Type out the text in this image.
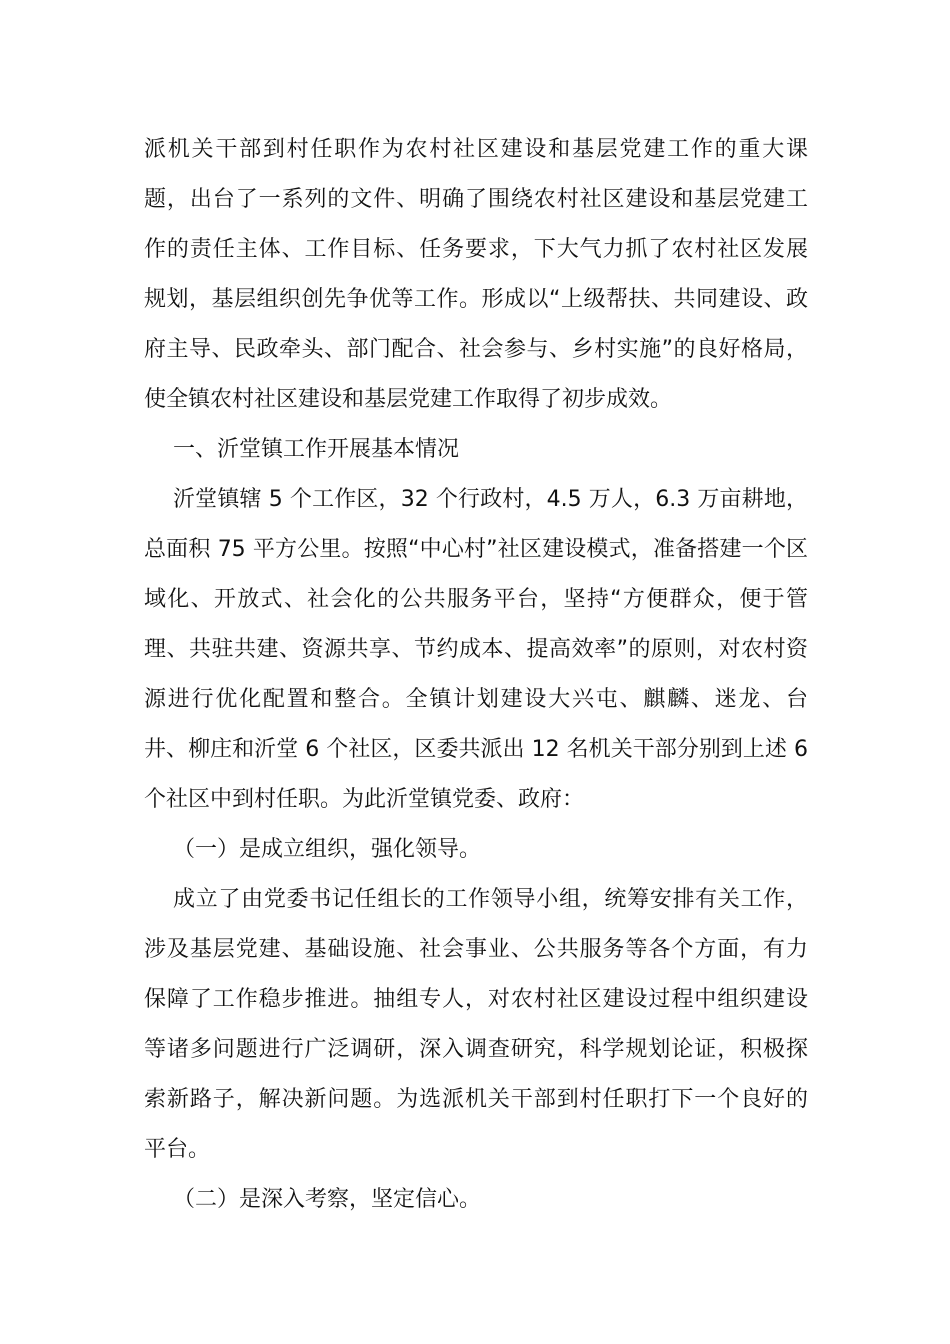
派机关干部到村任职作为农村社区建设和基层党建工作的重大课
题，出台了一系列的文件、明确了围绕农村社区建设和基层党建工
作的责任主体、工作目标、任务要求，下大气力抓了农村社区发展
规划，基层组织创先争优等工作。形成以“上级帮扶、共同建设、政
府主导、民政牵头、部门配合、社会参与、乡村实施”的良好格局，
使全镇农村社区建设和基层党建工作取得了初步成效。
一、沂堂镇工作开展基本情况
沂堂镇辖 5 个工作区，32 个行政村，4.5 万人，6.3 万亩耕地，
总面积 75 平方公里。按照“中心村”社区建设模式，准备搭建一个区
域化、开放式、社会化的公共服务平台，坚持“方便群众，便于管
理、共驻共建、资源共享、节约成本、提高效率”的原则，对农村资
源进行优化配置和整合。全镇计划建设大兴屯、麒麟、迷龙、台
井、柳庄和沂堂 6 个社区，区委共派出 12 名机关干部分别到上述 6
个社区中到村任职。为此沂堂镇党委、政府：
（一）是成立组织，强化领导。
成立了由党委书记任组长的工作领导小组，统筹安排有关工作，
涉及基层党建、基础设施、社会事业、公共服务等各个方面，有力
保障了工作稳步推进。抽组专人，对农村社区建设过程中组织建设
等诸多问题进行广泛调研，深入调查研究，科学规划论证，积极探
索新路子，解决新问题。为选派机关干部到村任职打下一个良好的
平台。
（二）是深入考察，坚定信心。
